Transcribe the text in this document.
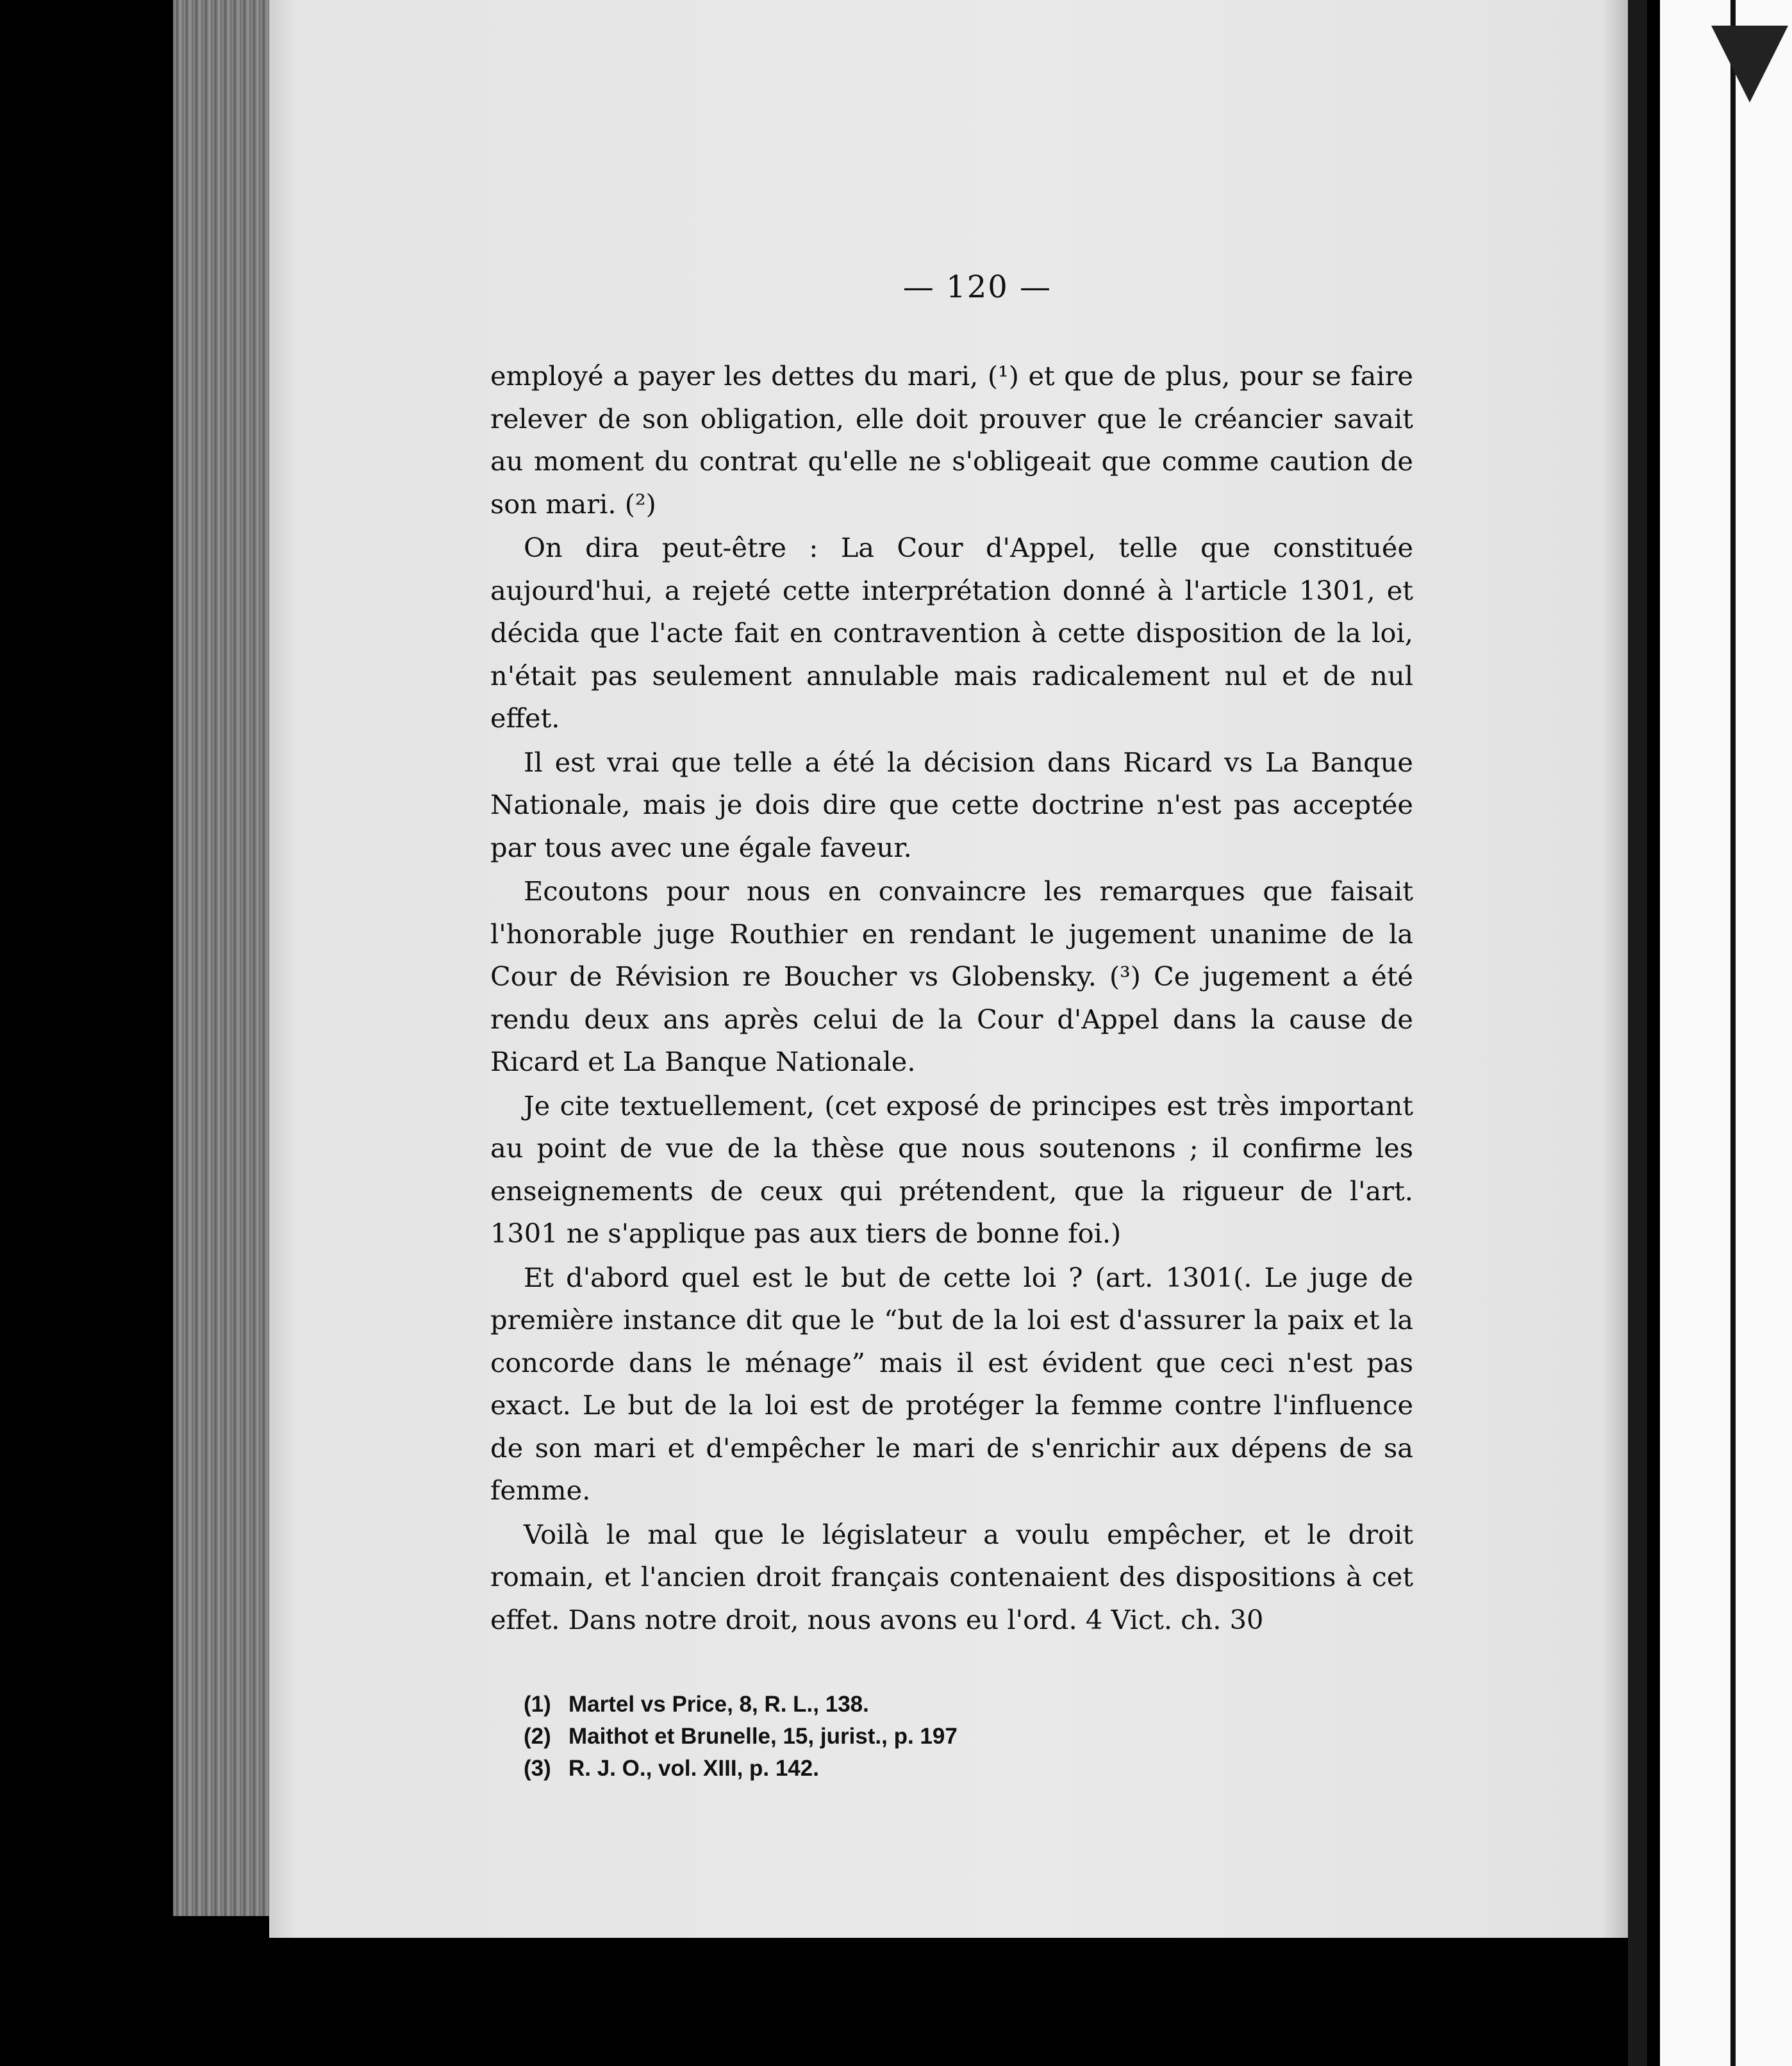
— 120 —

employé a payer les dettes du mari, (¹) et que de plus, pour se faire relever de son obligation, elle doit prouver que le créancier savait au moment du contrat qu'elle ne s'obligeait que comme caution de son mari. (²)

On dira peut-être : La Cour d'Appel, telle que constituée aujourd'hui, a rejeté cette interprétation donné à l'article 1301, et décida que l'acte fait en contravention à cette disposition de la loi, n'était pas seulement annulable mais radicalement nul et de nul effet.

Il est vrai que telle a été la décision dans Ricard vs La Banque Nationale, mais je dois dire que cette doctrine n'est pas acceptée par tous avec une égale faveur.

Ecoutons pour nous en convaincre les remarques que faisait l'honorable juge Routhier en rendant le jugement unanime de la Cour de Révision re Boucher vs Globensky. (³) Ce jugement a été rendu deux ans après celui de la Cour d'Appel dans la cause de Ricard et La Banque Nationale.

Je cite textuellement, (cet exposé de principes est très important au point de vue de la thèse que nous soutenons ; il confirme les enseignements de ceux qui prétendent, que la rigueur de l'art. 1301 ne s'applique pas aux tiers de bonne foi.)

Et d'abord quel est le but de cette loi ? (art. 1301(. Le juge de première instance dit que le “but de la loi est d'assurer la paix et la concorde dans le ménage” mais il est évident que ceci n'est pas exact. Le but de la loi est de protéger la femme contre l'influence de son mari et d'empêcher le mari de s'enrichir aux dépens de sa femme.

Voilà le mal que le législateur a voulu empêcher, et le droit romain, et l'ancien droit français contenaient des dispositions à cet effet. Dans notre droit, nous avons eu l'ord. 4 Vict. ch. 30

(1) Martel vs Price, 8, R. L., 138.
(2) Maithot et Brunelle, 15, jurist., p. 197
(3) R. J. O., vol. XIII, p. 142.
